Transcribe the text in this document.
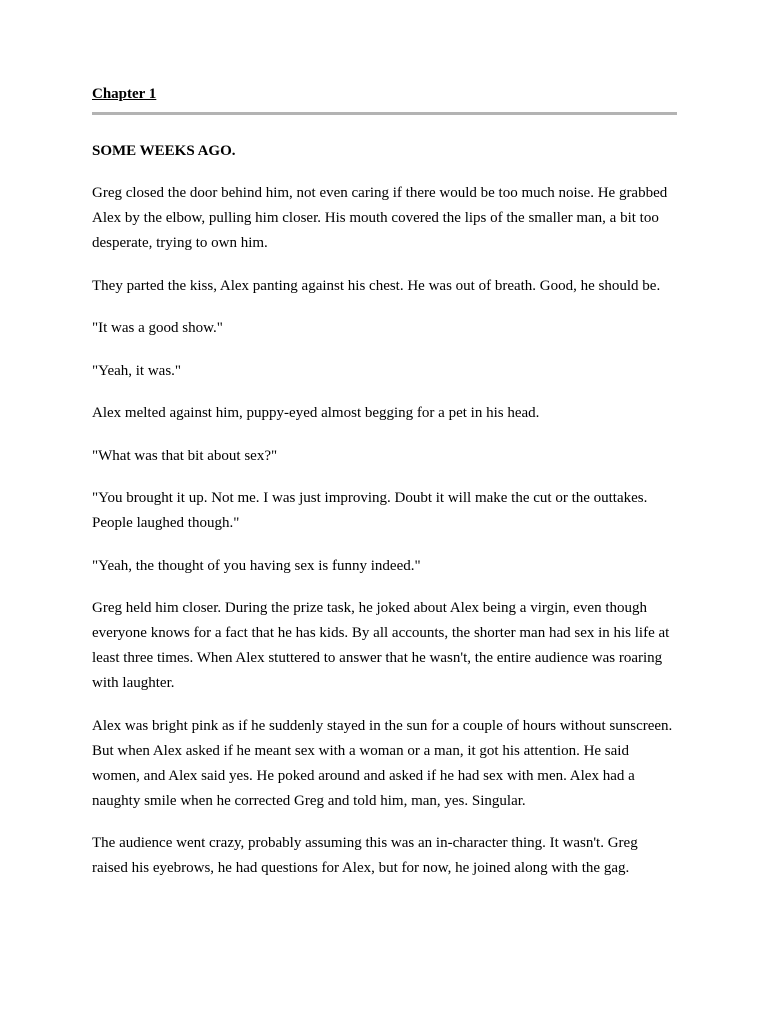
Chapter 1

SOME WEEKS AGO.

Greg closed the door behind him, not even caring if there would be too much noise. He grabbed Alex by the elbow, pulling him closer. His mouth covered the lips of the smaller man, a bit too desperate, trying to own him.

They parted the kiss, Alex panting against his chest. He was out of breath. Good, he should be.

"It was a good show."

"Yeah, it was."

Alex melted against him, puppy-eyed almost begging for a pet in his head.

"What was that bit about sex?"

"You brought it up. Not me. I was just improving. Doubt it will make the cut or the outtakes. People laughed though."

"Yeah, the thought of you having sex is funny indeed."

Greg held him closer. During the prize task, he joked about Alex being a virgin, even though everyone knows for a fact that he has kids. By all accounts, the shorter man had sex in his life at least three times. When Alex stuttered to answer that he wasn't, the entire audience was roaring with laughter.

Alex was bright pink as if he suddenly stayed in the sun for a couple of hours without sunscreen. But when Alex asked if he meant sex with a woman or a man, it got his attention. He said women, and Alex said yes. He poked around and asked if he had sex with men. Alex had a naughty smile when he corrected Greg and told him, man, yes. Singular.

The audience went crazy, probably assuming this was an in-character thing. It wasn't. Greg raised his eyebrows, he had questions for Alex, but for now, he joined along with the gag.
